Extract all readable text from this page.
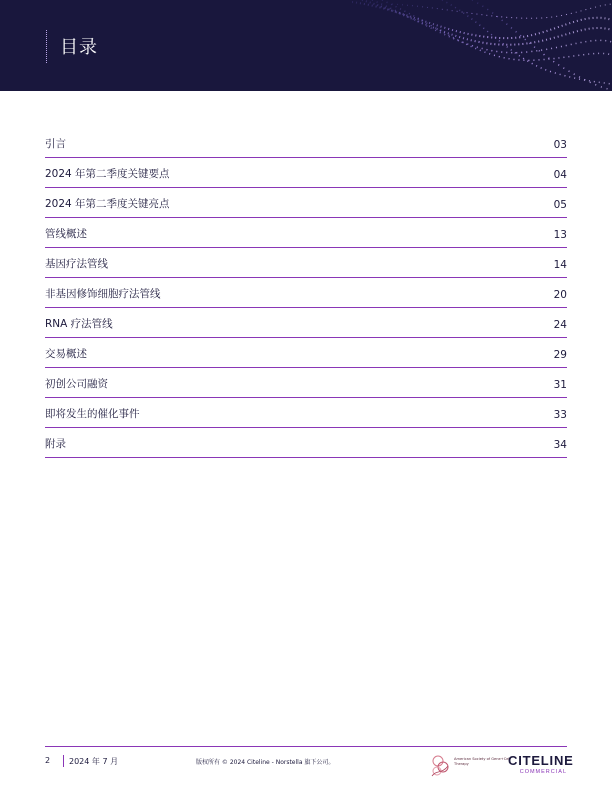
目录
引言	03
2024 年第二季度关键要点	04
2024 年第二季度关键亮点	05
管线概述	13
基因疗法管线	14
非基因修饰细胞疗法管线	20
RNA 疗法管线	24
交易概述	29
初创公司融资	31
即将发生的催化事件	33
附录	34
2 2024 年 7 月	版权所有 © 2024 Citeline - Norstella 旗下公司。	American Society of Gene+Cell Therapy	CITELINE
COMMERCIAL
